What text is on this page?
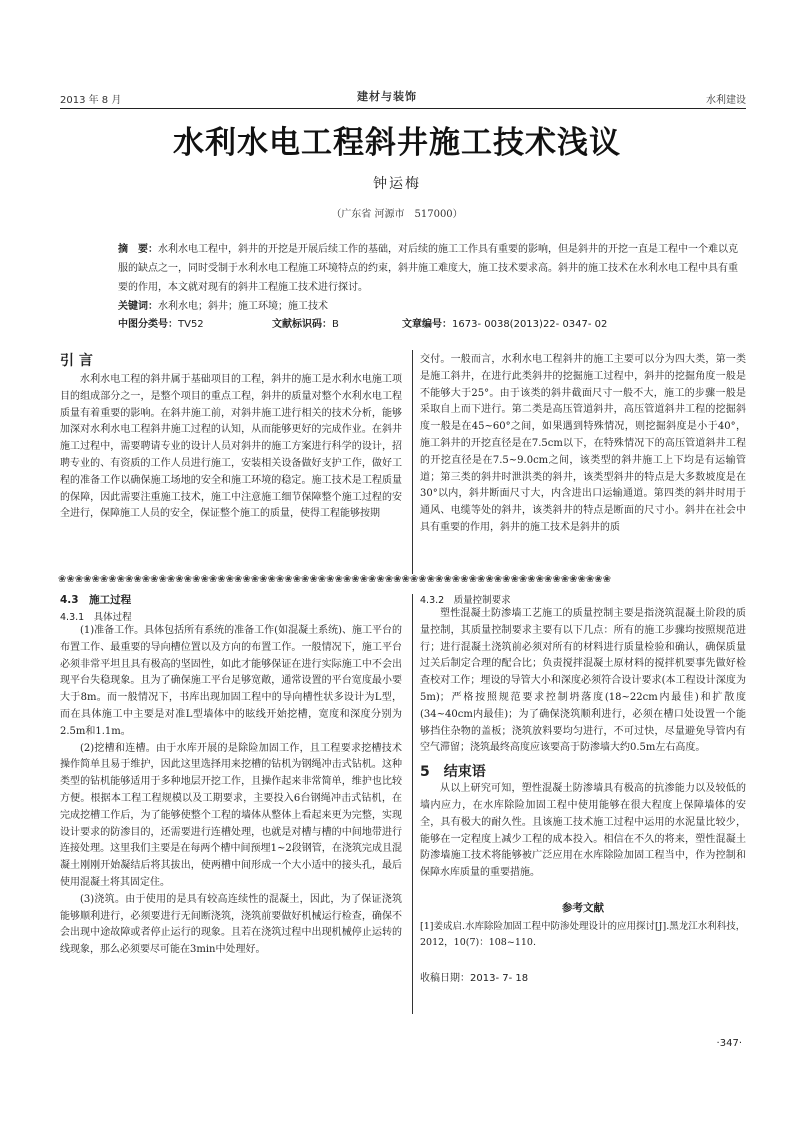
2013 年 8 月	建材与装饰	水利建设
水利水电工程斜井施工技术浅议
钟运梅
（广东省 河源市　517000）

摘　要：水利水电工程中，斜井的开挖是开展后续工作的基础，对后续的施工工作具有重要的影响，但是斜井的开挖一直是工程中一个难以克服的缺点之一，同时受制于水利水电工程施工环境特点的约束，斜井施工难度大，施工技术要求高。斜井的施工技术在水利水电工程中具有重要的作用，本文就对现有的斜井工程施工技术进行探讨。

关键词：水利水电；斜井；施工环境；施工技术

中图分类号： TV52	文献标识码： B	文章编号： 1673- 0038(2013)22- 0347- 02
引 言

水利水电工程的斜井属于基础项目的工程，斜井的施工是水利水电施工项目的组成部分之一，是整个项目的重点工程，斜井的质量对整个水利水电工程质量有着重要的影响。在斜井施工前，对斜井施工进行相关的技术分析，能够加深对水利水电工程斜井施工过程的认知，从而能够更好的完成作业。在斜井施工过程中，需要聘请专业的设计人员对斜井的施工方案进行科学的设计，招聘专业的、有资质的工作人员进行施工，安装相关设备做好支护工作，做好工程的准备工作以确保施工场地的安全和施工环境的稳定。施工技术是工程质量的保障，因此需要注重施工技术，施工中注意施工细节保障整个施工过程的安全进行，保障施工人员的安全，保证整个施工的质量，使得工程能够按期

交付。一般而言，水利水电工程斜井的施工主要可以分为四大类，第一类是施工斜井，在进行此类斜井的挖掘施工过程中，斜井的挖掘角度一般是不能够大于25°。由于该类的斜井截面尺寸一般不大，施工的步骤一般是采取自上而下进行。第二类是高压管道斜井，高压管道斜井工程的挖掘斜度一般是在45~60°之间，如果遇到特殊情况，则挖掘斜度是小于40°，施工斜井的开挖直径是在7.5cm以下，在特殊情况下的高压管道斜井工程的开挖直径是在7.5~9.0cm之间，该类型的斜井施工上下均是有运输管道；第三类的斜井时泄洪类的斜井，该类型斜井的特点是大多数坡度是在30°以内，斜井断面尺寸大，内含进出口运输通道。第四类的斜井时用于通风、电缆等处的斜井，该类斜井的特点是断面的尺寸小。斜井在社会中具有重要的作用，斜井的施工技术是斜井的质

❀❀❀❀❀❀❀❀❀❀❀❀❀❀❀❀❀❀❀❀❀❀❀❀❀❀❀❀❀❀❀❀❀❀❀❀❀❀❀❀❀❀❀❀❀❀❀❀❀❀❀❀❀❀❀❀❀❀❀❀❀❀❀❀❀❀
4.3　施工过程
4.3.1　具体过程

(1)准备工作。具体包括所有系统的准备工作(如混凝土系统)、施工平台的布置工作、最重要的导向槽位置以及方向的布置工作。一般情况下，施工平台必须非常平坦且具有极高的坚固性，如此才能够保证在进行实际施工中不会出现平台失稳现象。且为了确保施工平台足够宽敞，通常设置的平台宽度最小要大于8m。而一般情况下，书库出现加固工程中的导向槽性状多设计为L型，而在具体施工中主要是对准L型墙体中的眩线开始挖槽，宽度和深度分别为2.5m和1.1m。

(2)挖槽和连槽。由于水库开展的是除险加固工作，且工程要求挖槽技术操作简单且易于维护，因此这里选择用来挖槽的钻机为钢绳冲击式钻机。这种类型的钻机能够适用于多种地层开挖工作，且操作起来非常简单，维护也比较方便。根据本工程工程规模以及工期要求，主要投入6台钢绳冲击式钻机，在完成挖槽工作后，为了能够使整个工程的墙体从整体上看起来更为完整，实现设计要求的防渗目的，还需要进行连槽处理，也就是对槽与槽的中间地带进行连接处理。这里我们主要是在每两个槽中间预埋1~2段钢管，在浇筑完成且混凝土刚刚开始凝结后将其拔出，使两槽中间形成一个大小适中的接头孔，最后使用混凝土将其固定住。

(3)浇筑。由于使用的是具有较高连续性的混凝土，因此，为了保证浇筑能够顺利进行，必须要进行无间断浇筑，浇筑前要做好机械运行检查，确保不会出现中途故障或者停止运行的现象。且若在浇筑过程中出现机械停止运转的线现象，那么必须要尽可能在3min中处理好。

4.3.2　质量控制要求

塑性混凝土防渗墙工艺施工的质量控制主要是指浇筑混凝土阶段的质量控制，其质量控制要求主要有以下几点：所有的施工步骤均按照规范进行；进行混凝土浇筑前必须对所有的材料进行质量检验和确认，确保质量过关后制定合理的配合比；负责搅拌混凝土原材料的搅拌机要事先做好检查校对工作；埋设的导管大小和深度必须符合设计要求(本工程设计深度为5m)；严格按照规范要求控制坍落度(18~22cm内最佳)和扩散度(34~40cm内最佳)；为了确保浇筑顺利进行，必须在槽口处设置一个能够挡住杂物的盖板；浇筑放料要均匀进行，不可过快，尽量避免导管内有空气滞留；浇筑最终高度应该要高于防渗墙大约0.5m左右高度。

5　结束语

从以上研究可知，塑性混凝土防渗墙具有极高的抗渗能力以及较低的墙内应力，在水库除险加固工程中使用能够在很大程度上保障墙体的安全，具有极大的耐久性。且该施工技术施工过程中运用的水泥量比较少，能够在一定程度上减少工程的成本投入。相信在不久的将来，塑性混凝土防渗墙施工技术将能够被广泛应用在水库除险加固工程当中，作为控制和保障水库质量的重要措施。

参考文献

[1]姜成启.水库除险加固工程中防渗处理设计的应用探讨[J].黑龙江水利科技，2012，10(7)：108~110.

收稿日期：2013- 7- 18
·347·
